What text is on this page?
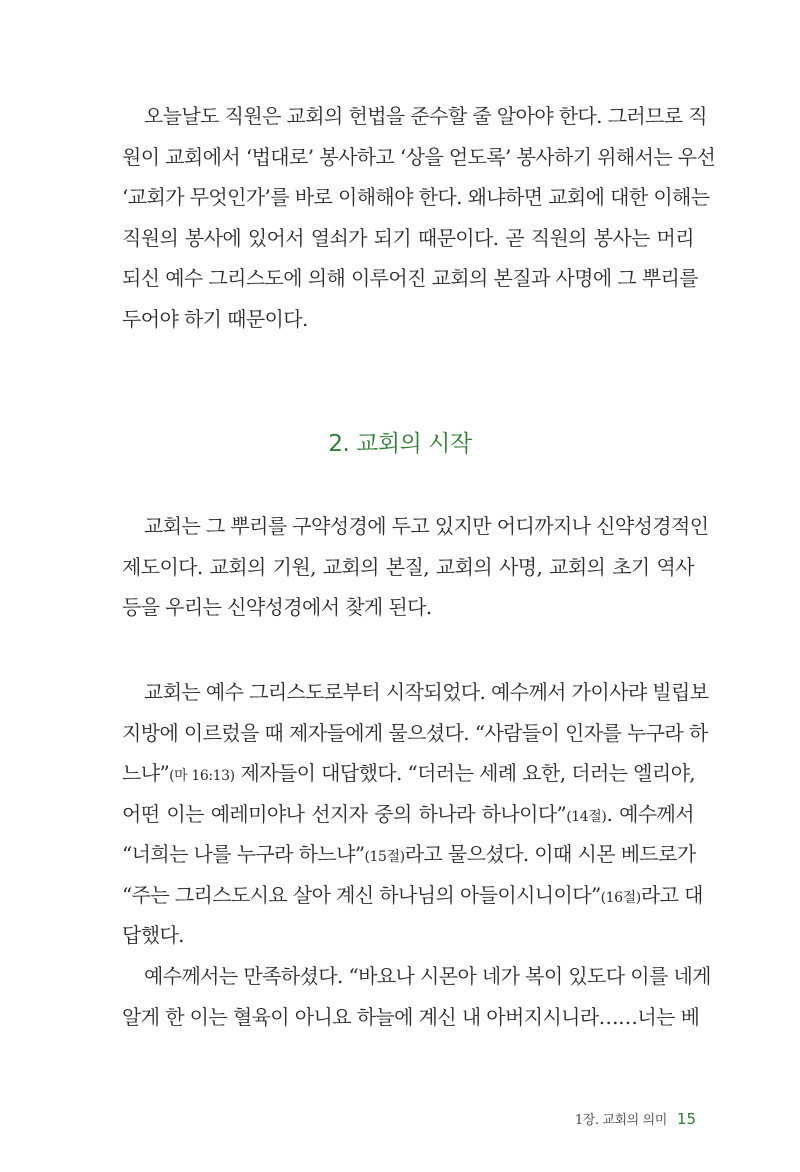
오늘날도 직원은 교회의 헌법을 준수할 줄 알아야 한다. 그러므로 직
원이 교회에서 ‘법대로’ 봉사하고 ‘상을 얻도록’ 봉사하기 위해서는 우선
‘교회가 무엇인가’를 바로 이해해야 한다. 왜냐하면 교회에 대한 이해는
직원의 봉사에 있어서 열쇠가 되기 때문이다. 곧 직원의 봉사는 머리
되신 예수 그리스도에 의해 이루어진 교회의 본질과 사명에 그 뿌리를
두어야 하기 때문이다.
2. 교회의 시작
교회는 그 뿌리를 구약성경에 두고 있지만 어디까지나 신약성경적인
제도이다. 교회의 기원, 교회의 본질, 교회의 사명, 교회의 초기 역사
등을 우리는 신약성경에서 찾게 된다.
교회는 예수 그리스도로부터 시작되었다. 예수께서 가이사랴 빌립보
지방에 이르렀을 때 제자들에게 물으셨다. “사람들이 인자를 누구라 하
느냐”(마 16:13) 제자들이 대답했다. “더러는 세례 요한, 더러는 엘리야,
어떤 이는 예레미야나 선지자 중의 하나라 하나이다”(14절). 예수께서
“너희는 나를 누구라 하느냐”(15절)라고 물으셨다. 이때 시몬 베드로가
“주는 그리스도시요 살아 계신 하나님의 아들이시니이다”(16절)라고 대
답했다.
예수께서는 만족하셨다. “바요나 시몬아 네가 복이 있도다 이를 네게
알게 한 이는 혈육이 아니요 하늘에 계신 내 아버지시니라……너는 베
1장. 교회의 의미 15
